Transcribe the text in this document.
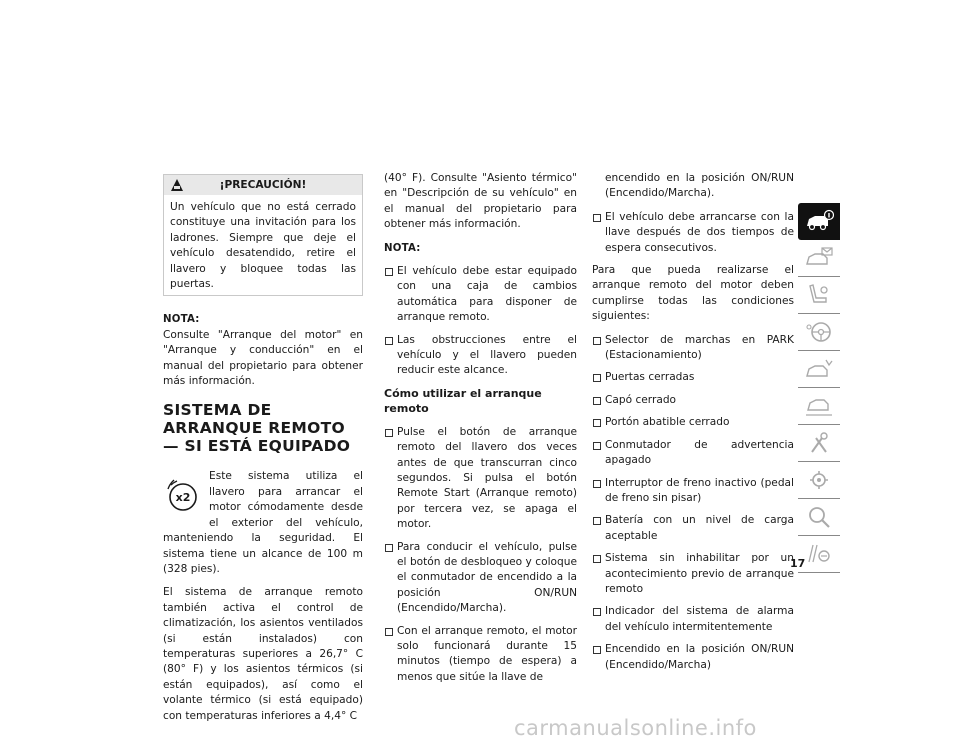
¡PRECAUCIÓN!
Un vehículo que no está cerrado constituye una invitación para los ladrones. Siempre que deje el vehículo desatendido, retire el llavero y bloquee todas las puertas.

NOTA:

Consulte "Arranque del motor" en "Arranque y conducción" en el manual del propietario para obtener más información.

SISTEMA DE ARRANQUE REMOTO — SI ESTÁ EQUIPADO
x2
Este sistema utiliza el llavero para arrancar el motor cómodamente desde el exterior del vehículo, manteniendo la seguridad. El sistema tiene un alcance de 100 m (328 pies).

El sistema de arranque remoto también activa el control de climatización, los asientos ventilados (si están instalados) con temperaturas superiores a 26,7° C (80° F) y los asientos térmicos (si están equipados), así como el volante térmico (si está equipado) con temperaturas inferiores a 4,4° C

(40° F). Consulte "Asiento térmico" en "Descripción de su vehículo" en el manual del propietario para obtener más información.

NOTA:

El vehículo debe estar equipado con una caja de cambios automática para disponer de arranque remoto.
Las obstrucciones entre el vehículo y el llavero pueden reducir este alcance.
Cómo utilizar el arranque remoto
Pulse el botón de arranque remoto del llavero dos veces antes de que transcurran cinco segundos. Si pulsa el botón Remote Start (Arranque remoto) por tercera vez, se apaga el motor.
Para conducir el vehículo, pulse el botón de desbloqueo y coloque el conmutador de encendido a la posición ON/RUN (Encendido/Marcha).
Con el arranque remoto, el motor solo funcionará durante 15 minutos (tiempo de espera) a menos que sitúe la llave de

encendido en la posición ON/RUN (Encendido/Marcha).

El vehículo debe arrancarse con la llave después de dos tiempos de espera consecutivos.

Para que pueda realizarse el arranque remoto del motor deben cumplirse todas las condiciones siguientes:

Selector de marchas en PARK (Estacionamiento)
Puertas cerradas
Capó cerrado
Portón abatible cerrado
Conmutador de advertencia apagado
Interruptor de freno inactivo (pedal de freno sin pisar)
Batería con un nivel de carga aceptable
Sistema sin inhabilitar por un acontecimiento previo de arranque remoto
Indicador del sistema de alarma del vehículo intermitentemente
Encendido en la posición ON/RUN (Encendido/Marcha)
17
carmanualsonline.info
